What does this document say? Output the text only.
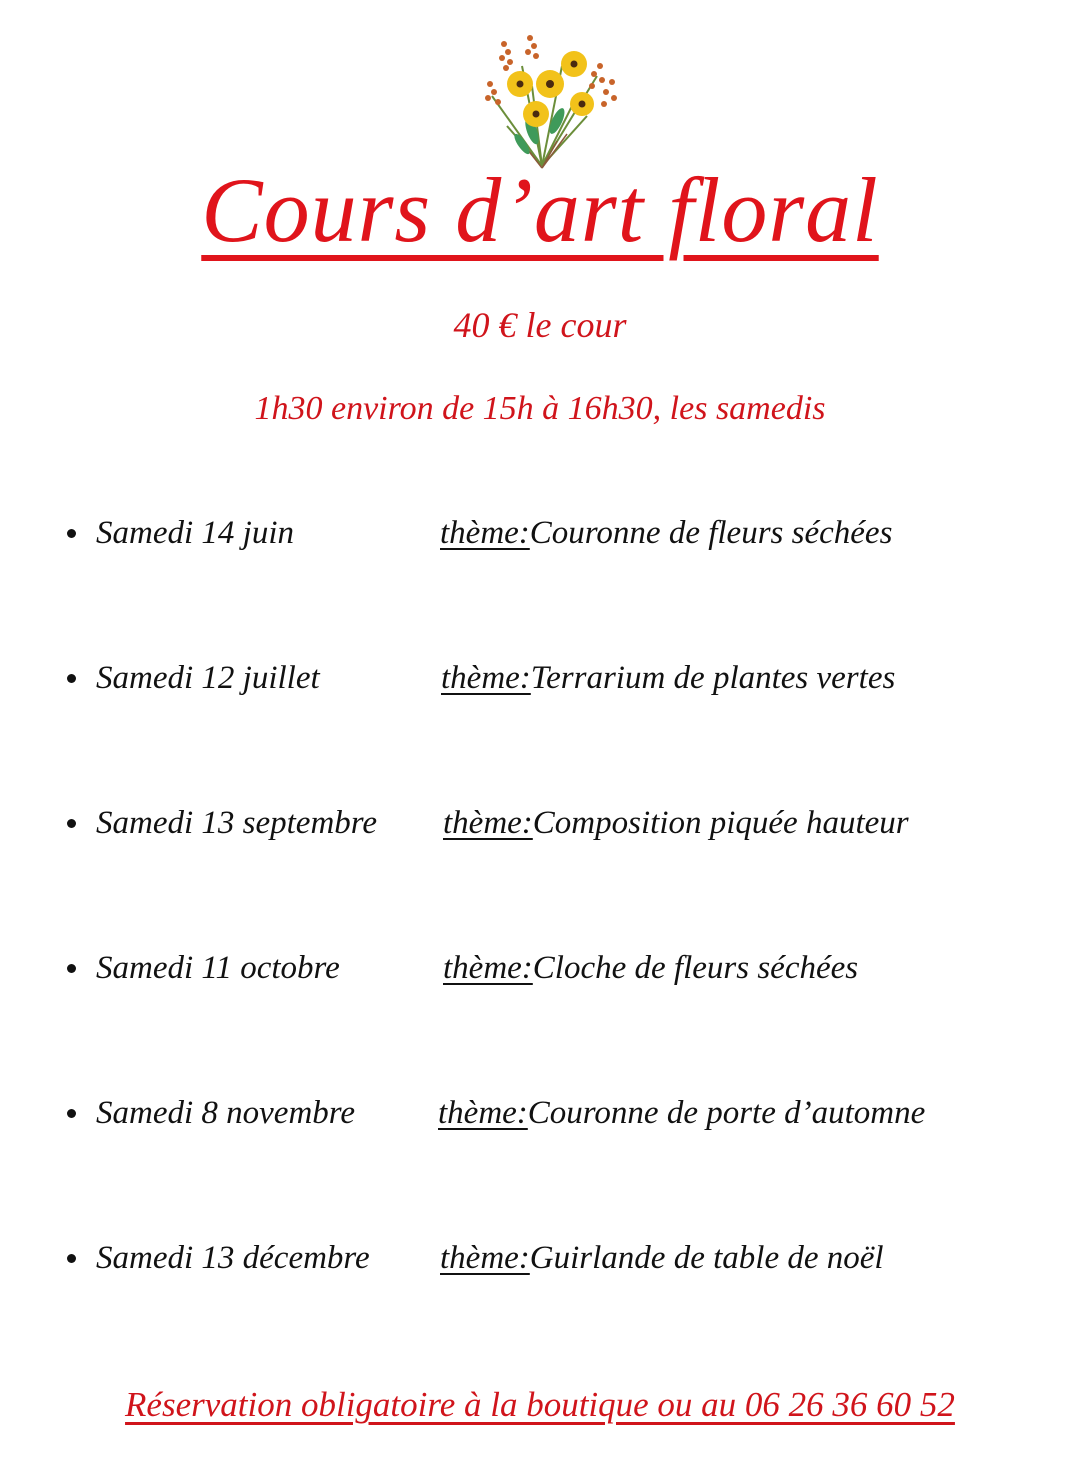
Cours d’art floral
40 € le cour
1h30 environ de 15h à 16h30, les samedis
Samedi 14 juin	thème:Couronne de fleurs séchées
Samedi 12 juillet	thème:Terrarium de plantes vertes
Samedi 13 septembre thème:Composition piquée hauteur
Samedi 11 octobre	thème:Cloche de fleurs séchées
Samedi 8 novembre	thème:Couronne de porte d’automne
Samedi 13 décembre thème:Guirlande de table de noël
Réservation obligatoire à la boutique ou au 06 26 36 60 52
